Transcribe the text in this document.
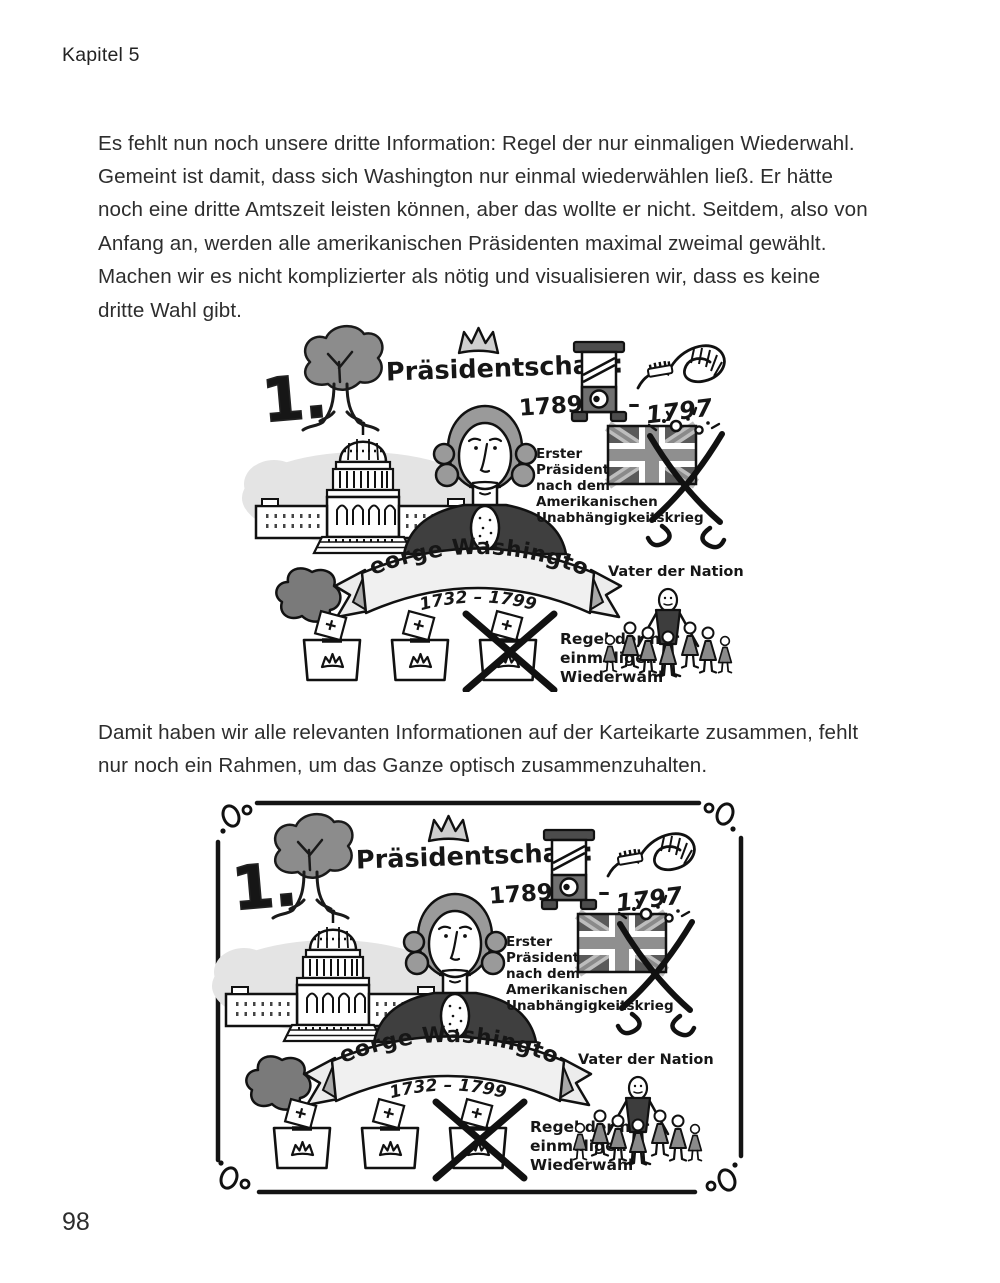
Kapitel 5

Es fehlt nun noch unsere dritte Information: Regel der nur einmaligen Wiederwahl. Gemeint ist damit, dass sich Washington nur einmal wiederwählen ließ. Er hätte noch eine dritte Amtszeit leisten können, aber das wollte er nicht. Seitdem, also von Anfang an, werden alle amerikanischen Präsidenten maximal zweimal gewählt. Machen wir es nicht komplizierter als nötig und visualisieren wir, dass es keine dritte Wahl gibt.

Damit haben wir alle relevanten Informationen auf der Karteikarte zusammen, fehlt nur noch ein Rahmen, um das Ganze optisch zusammenzuhalten.

98
